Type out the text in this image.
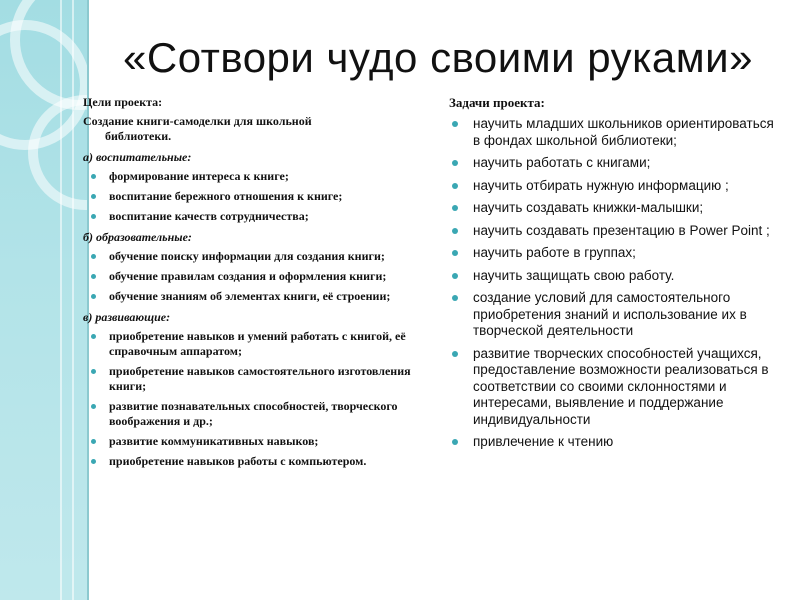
Цели проекта:

Создание книги-самоделки для школьной

библиотеки.

а) воспитательные:
формирование интереса к книге;
воспитание бережного отношения к книге;
воспитание качеств сотрудничества;
б) образовательные:
обучение поиску информации для создания книги;
обучение правилам создания и оформления книги;
обучение знаниям об элементах книги, её строении;
в) развивающие:
приобретение навыков и умений работать с книгой, её справочным аппаратом;
приобретение навыков самостоятельного изготовления книги;
развитие познавательных способностей, творческого воображения и др.;
развитие коммуникативных навыков;
приобретение навыков работы с компьютером.

Задачи проекта:

научить младших школьников ориентироваться в фондах школьной библиотеки;
научить работать с книгами;
научить отбирать нужную информацию ;
научить создавать книжки-малышки;
научить создавать презентацию в Power Point ;
научить работе в группах;
научить защищать свою работу.
создание условий для самостоятельного приобретения знаний и использование их в творческой деятельности
развитие творческих способностей учащихся, предоставление возможности реализоваться в соответствии со своими склонностями и интересами, выявление и поддержание индивидуальности
привлечение к чтению
«Сотвори чудо своими руками»
